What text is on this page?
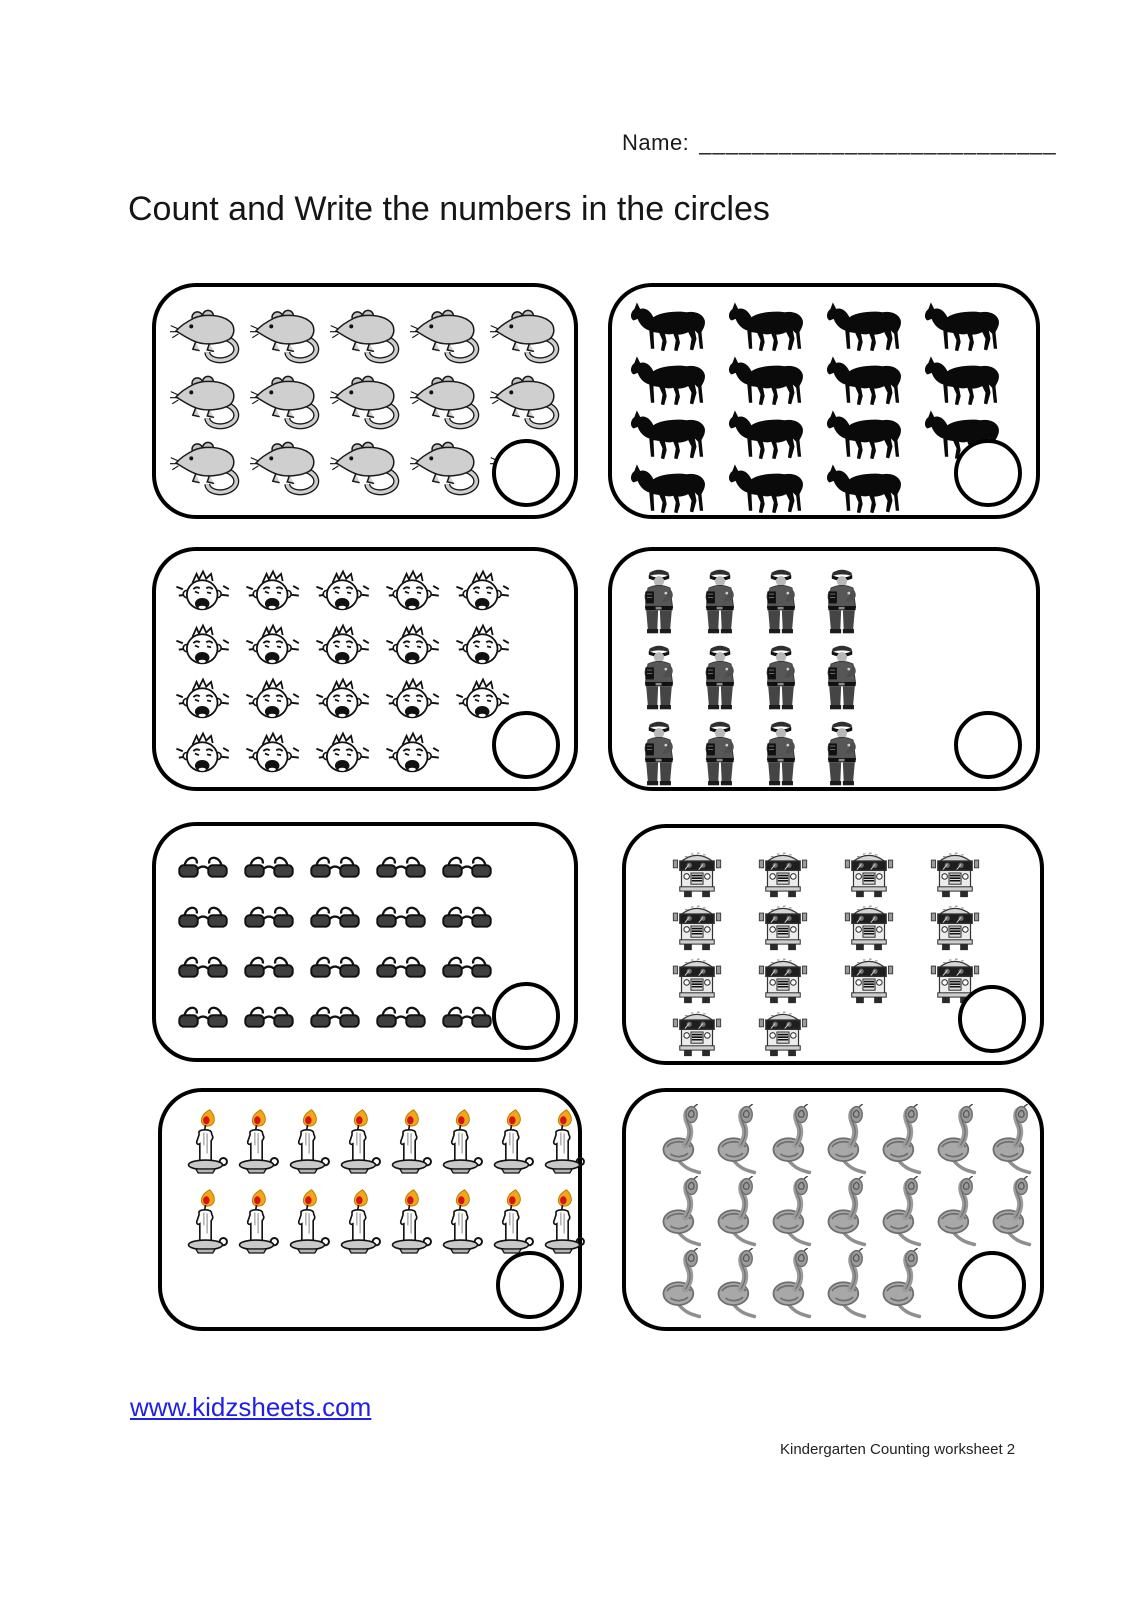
Name: ___________________________
Count and Write the numbers in the circles
www.kidzsheets.com
Kindergarten Counting worksheet 2
